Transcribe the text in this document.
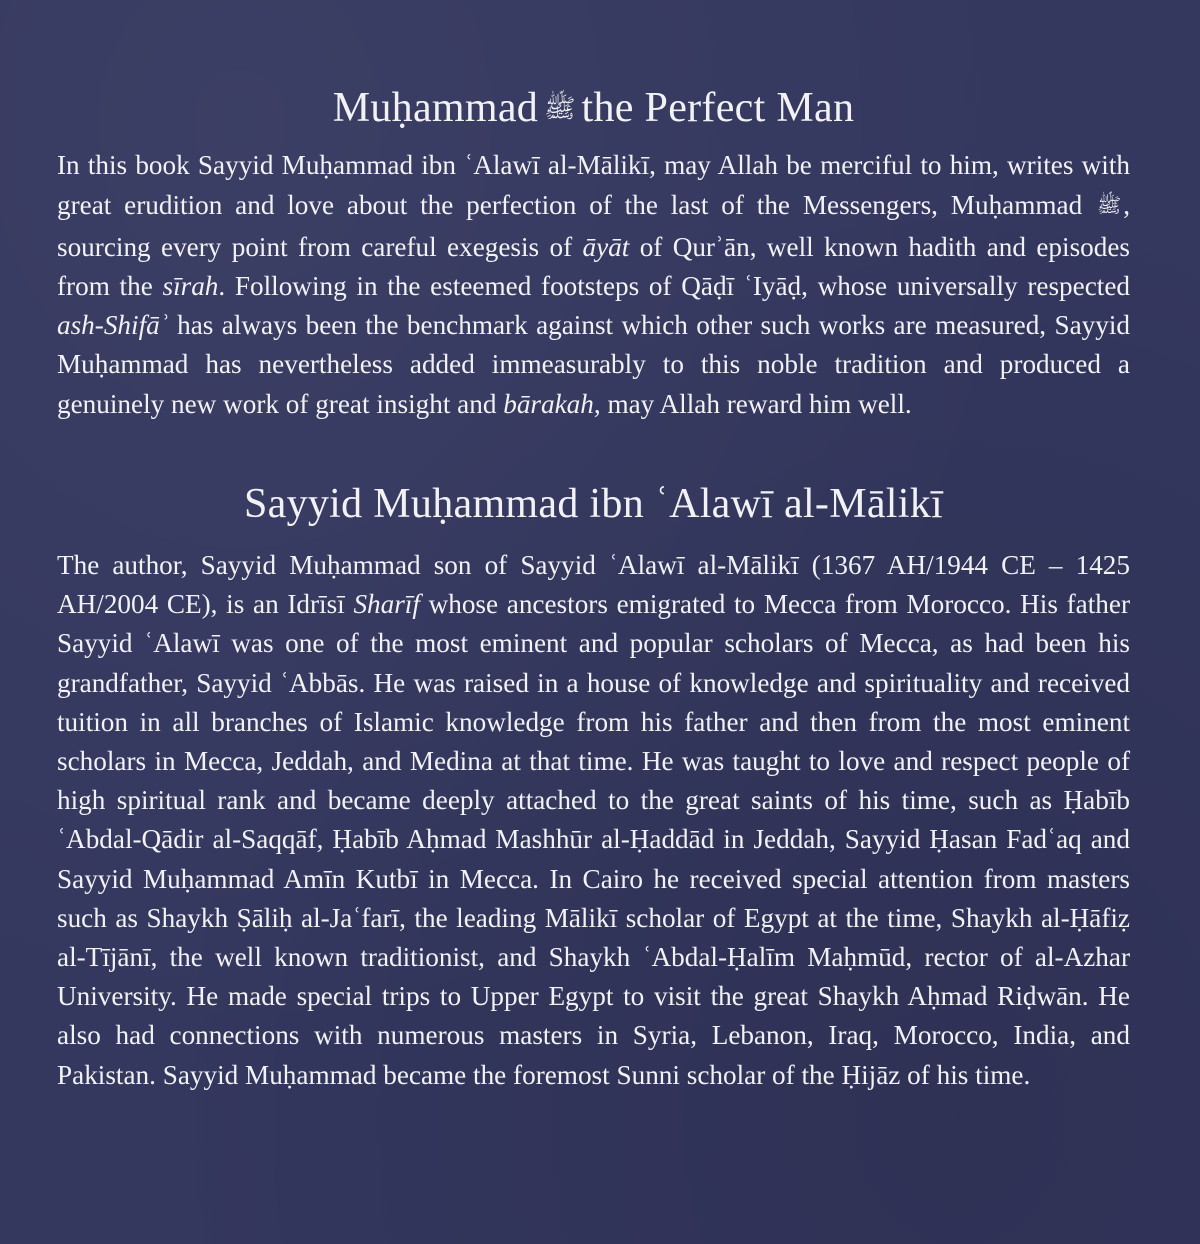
Muḥammad ﷺ the Perfect Man

In this book Sayyid Muḥammad ibn ʿAlawī al-Mālikī, may Allah be merciful to him, writes with great erudition and love about the perfection of the last of the Messengers, Muḥammad ﷺ, sourcing every point from careful exegesis of āyāt of Qurʾān, well known hadith and episodes from the sīrah. Following in the esteemed footsteps of Qāḍī ʿIyāḍ, whose universally respected ash-Shifāʾ has always been the benchmark against which other such works are measured, Sayyid Muḥammad has nevertheless added immeasurably to this noble tradition and produced a genuinely new work of great insight and bārakah, may Allah reward him well.

Sayyid Muḥammad ibn ʿAlawī al-Mālikī

The author, Sayyid Muḥammad son of Sayyid ʿAlawī al-Mālikī (1367 AH/1944 CE – 1425 AH/2004 CE), is an Idrīsī Sharīf whose ancestors emigrated to Mecca from Morocco. His father Sayyid ʿAlawī was one of the most eminent and popular scholars of Mecca, as had been his grandfather, Sayyid ʿAbbās. He was raised in a house of knowledge and spirituality and received tuition in all branches of Islamic knowledge from his father and then from the most eminent scholars in Mecca, Jeddah, and Medina at that time. He was taught to love and respect people of high spiritual rank and became deeply attached to the great saints of his time, such as Ḥabīb ʿAbdal-Qādir al-Saqqāf, Ḥabīb Aḥmad Mashhūr al-Ḥaddād in Jeddah, Sayyid Ḥasan Fadʿaq and Sayyid Muḥammad Amīn Kutbī in Mecca. In Cairo he received special attention from masters such as Shaykh Ṣāliḥ al-Jaʿfarī, the leading Mālikī scholar of Egypt at the time, Shaykh al-Ḥāfiẓ al-Tījānī, the well known traditionist, and Shaykh ʿAbdal-Ḥalīm Maḥmūd, rector of al-Azhar University. He made special trips to Upper Egypt to visit the great Shaykh Aḥmad Riḍwān. He also had connections with numerous masters in Syria, Lebanon, Iraq, Morocco, India, and Pakistan. Sayyid Muḥammad became the foremost Sunni scholar of the Ḥijāz of his time.
